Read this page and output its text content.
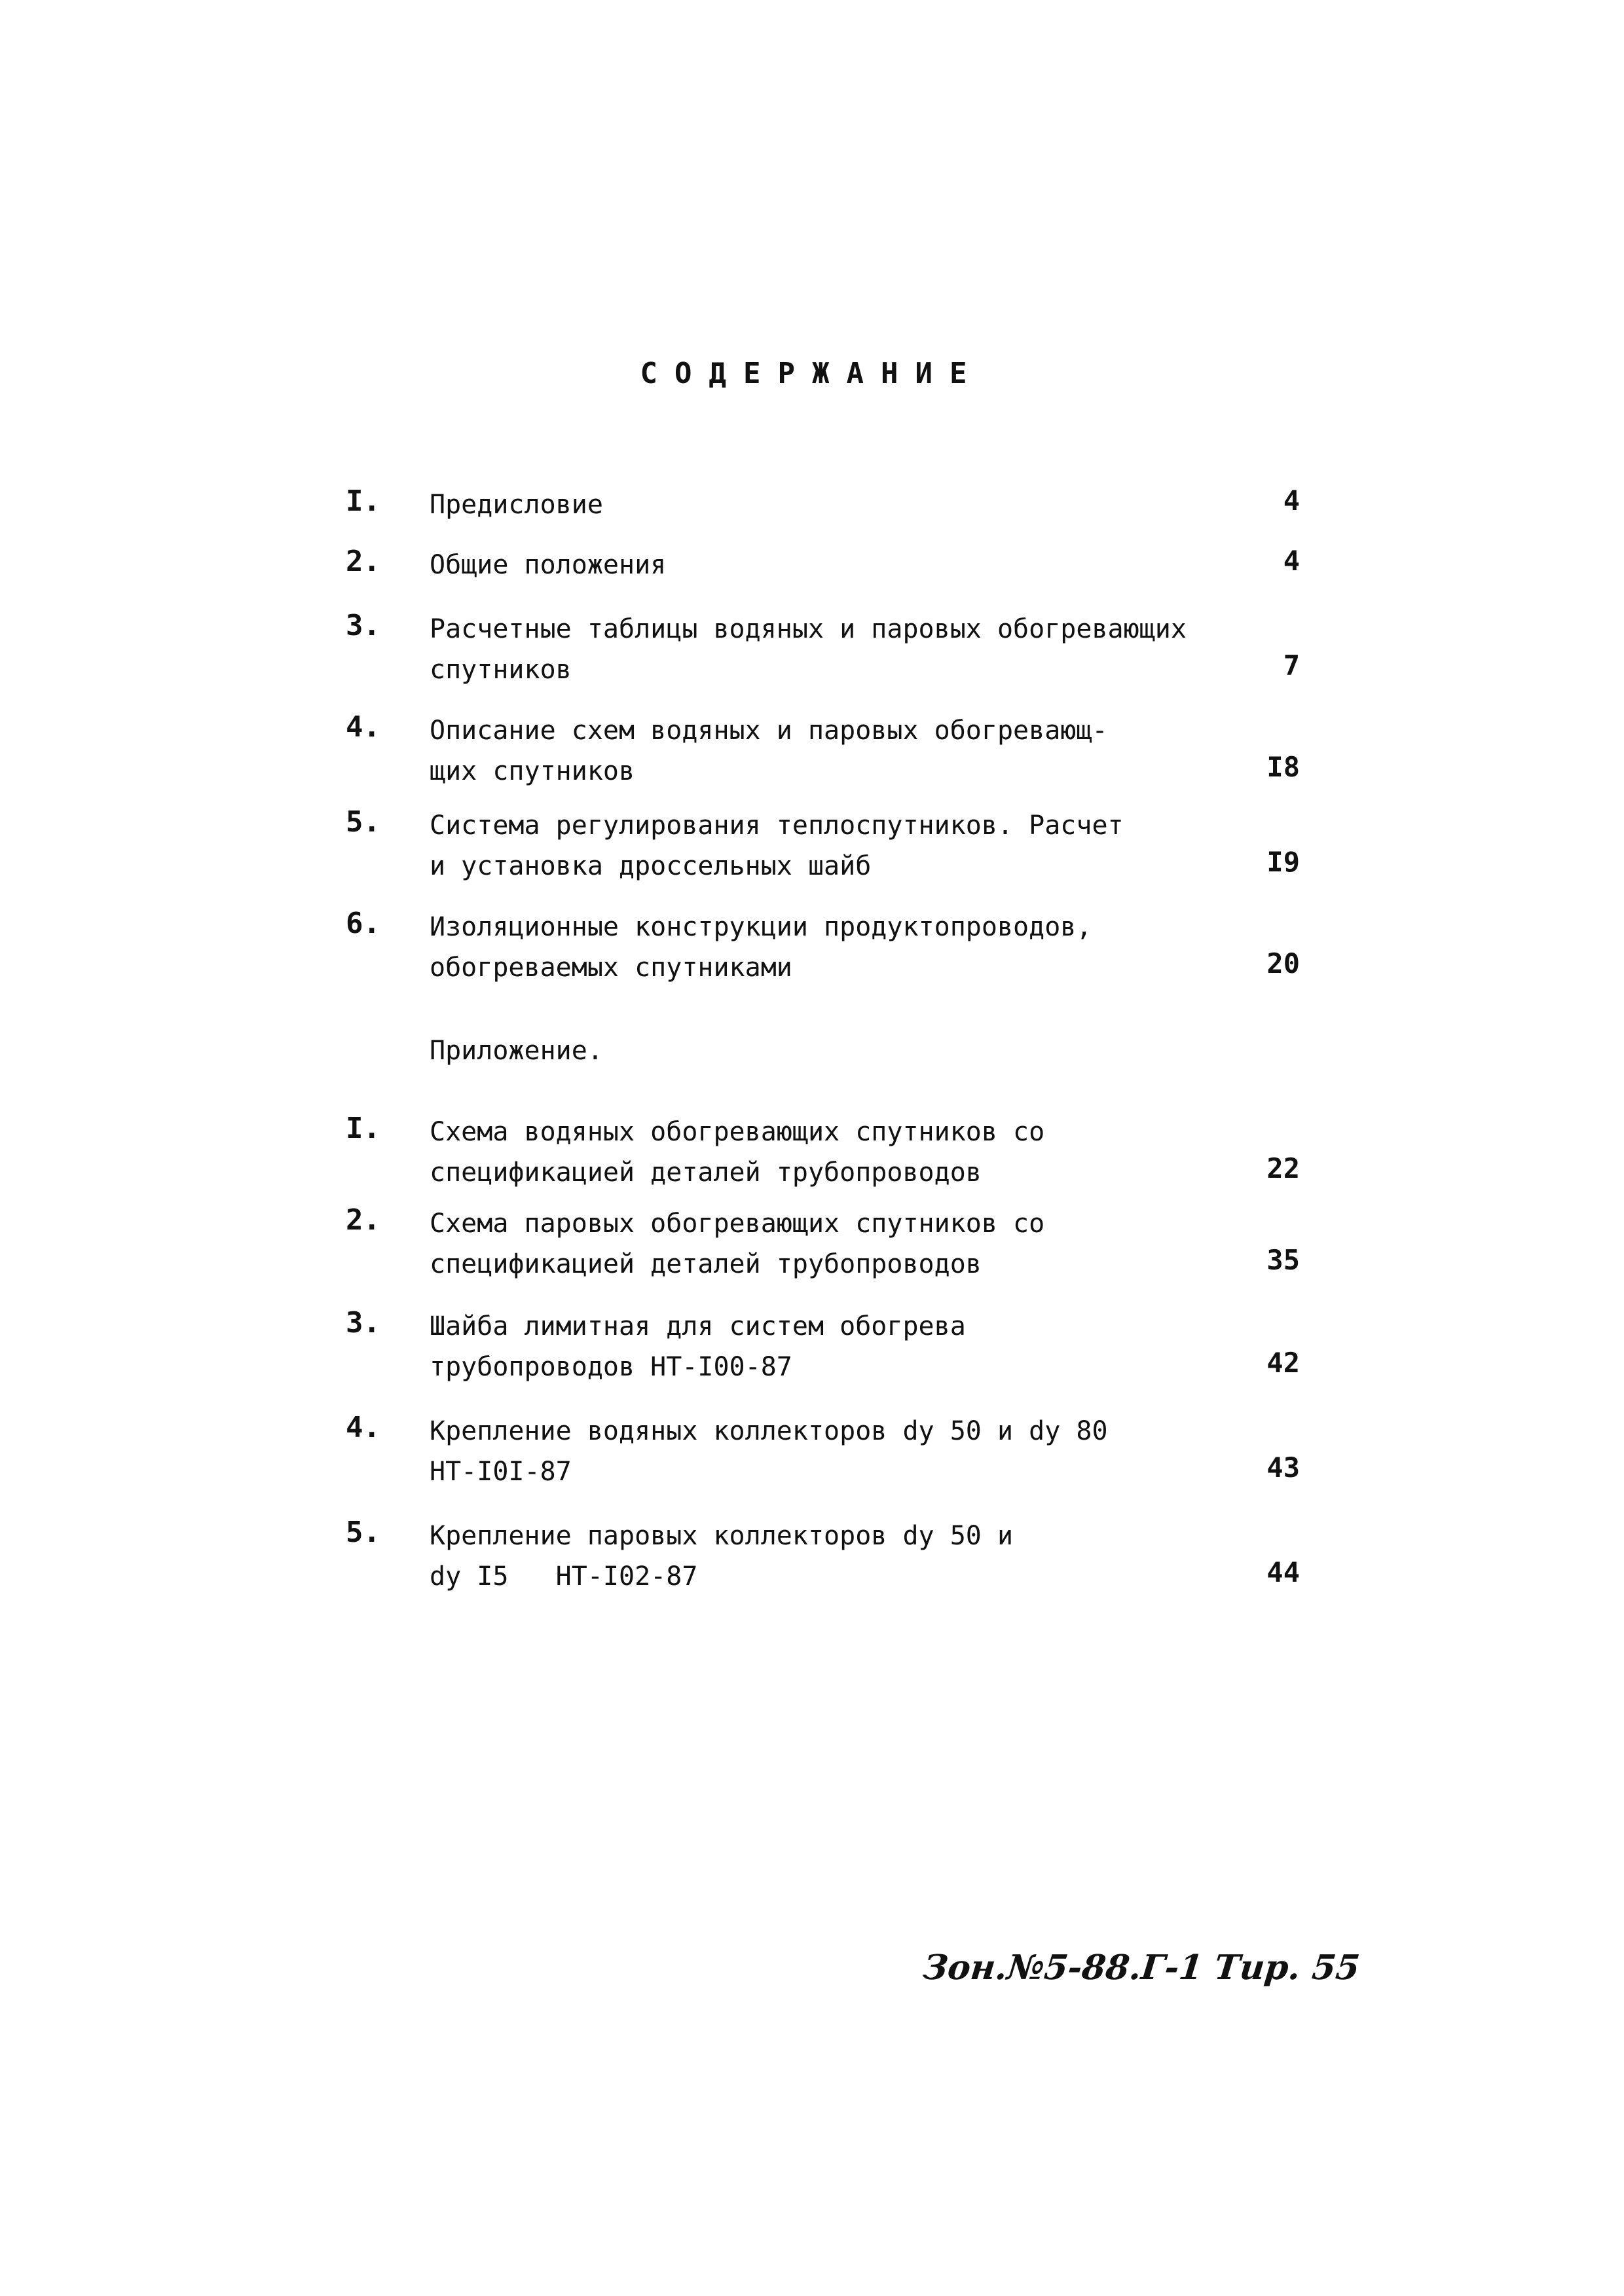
СОДЕРЖАНИЕ
I. Предисловие	4
2. Общие положения	4
3. Расчетные таблицы водяных и паровых обогревающих
спутников	7
4. Описание схем водяных и паровых обогревающ-
щих спутников	I8
5. Система регулирования теплоспутников. Расчет
и установка дроссельных шайб	I9
6. Изоляционные конструкции продуктопроводов,
обогреваемых спутниками	20
Приложение.
I. Схема водяных обогревающих спутников со
спецификацией деталей трубопроводов	22
2. Схема паровых обогревающих спутников со
спецификацией деталей трубопроводов	35
3. Шайба лимитная для систем обогрева
трубопроводов НТ-I00-87	42
4. Крепление водяных коллекторов dу 50 и dу 80
НТ-I0I-87	43
5. Крепление паровых коллекторов dу 50 и
dу I5   НТ-I02-87	44
Зон.№5-88.Г-1 Тир. 55
